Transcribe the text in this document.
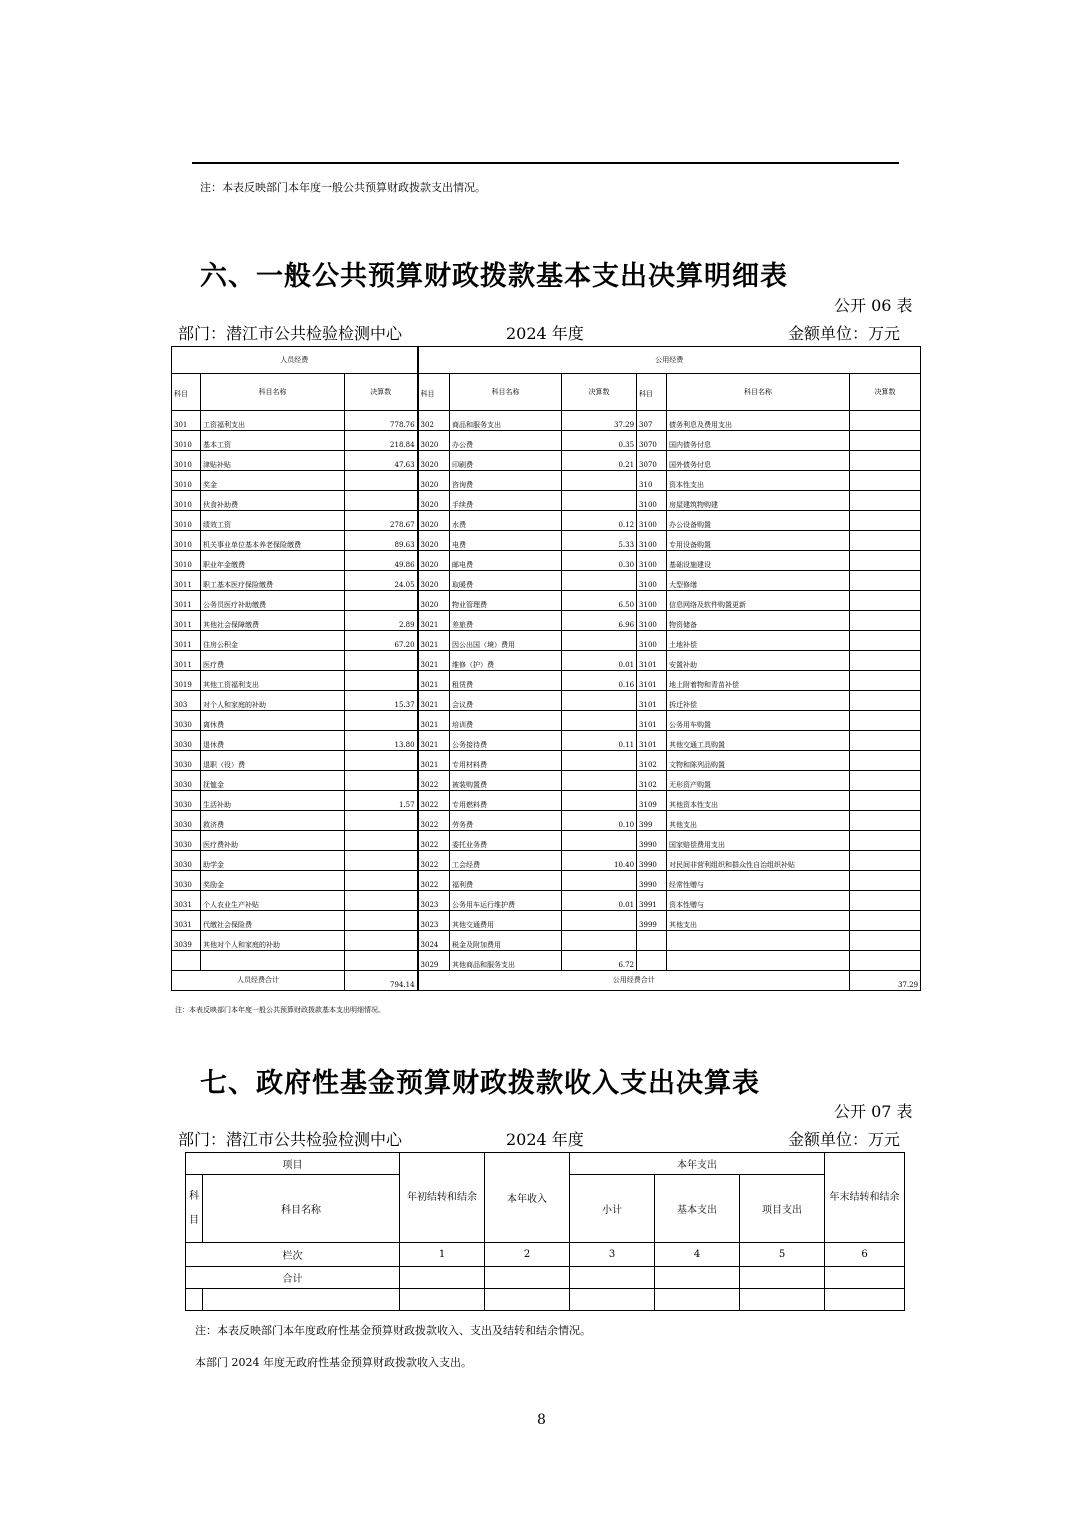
注：本表反映部门本年度一般公共预算财政拨款支出情况。
六、一般公共预算财政拨款基本支出决算明细表
公开 06 表
部门：潜江市公共检验检测中心	2024 年度	金额单位：万元
人员经费			公用经费					
科目	科目名称	决算数	科目	科目名称	决算数	科目	科目名称	决算数
301	工资福利支出	778.76	302	商品和服务支出	37.29	307	债务利息及费用支出	
3010	基本工资	218.84	3020	办公费	0.35	3070	国内债务付息	
3010	津贴补贴	47.63	3020	印刷费	0.21	3070	国外债务付息	
3010	奖金		3020	咨询费		310	资本性支出	
3010	伙食补助费		3020	手续费		3100	房屋建筑物购建	
3010	绩效工资	278.67	3020	水费	0.12	3100	办公设备购置	
3010	机关事业单位基本养老保险缴费	89.63	3020	电费	5.33	3100	专用设备购置	
3010	职业年金缴费	49.86	3020	邮电费	0.30	3100	基础设施建设	
3011	职工基本医疗保险缴费	24.05	3020	取暖费		3100	大型修缮	
3011	公务员医疗补助缴费		3020	物业管理费	6.50	3100	信息网络及软件购置更新	
3011	其他社会保障缴费	2.89	3021	差旅费	6.96	3100	物资储备	
3011	住房公积金	67.20	3021	因公出国（境）费用		3100	土地补偿	
3011	医疗费		3021	维修（护）费	0.01	3101	安置补助	
3019	其他工资福利支出		3021	租赁费	0.16	3101	地上附着物和青苗补偿	
303	对个人和家庭的补助	15.37	3021	会议费		3101	拆迁补偿	
3030	离休费		3021	培训费		3101	公务用车购置	
3030	退休费	13.80	3021	公务接待费	0.11	3101	其他交通工具购置	
3030	退职（役）费		3021	专用材料费		3102	文物和陈列品购置	
3030	抚恤金		3022	被装购置费		3102	无形资产购置	
3030	生活补助	1.57	3022	专用燃料费		3109	其他资本性支出	
3030	救济费		3022	劳务费	0.10	399	其他支出	
3030	医疗费补助		3022	委托业务费		3990	国家赔偿费用支出	
3030	助学金		3022	工会经费	10.40	3990	对民间非营利组织和群众性自治组织补贴	
3030	奖励金		3022	福利费		3990	经常性赠与	
3031	个人农业生产补贴		3023	公务用车运行维护费	0.01	3991	资本性赠与	
3031	代缴社会保险费		3023	其他交通费用		3999	其他支出	
3039	其他对个人和家庭的补助		3024	税金及附加费用				
			3029	其他商品和服务支出	6.72			
人员经费合计		794.14	公用经费合计					37.29
注：本表反映部门本年度一般公共预算财政拨款基本支出明细情况。
七、政府性基金预算财政拨款收入支出决算表
公开 07 表
部门：潜江市公共检验检测中心	2024 年度	金额单位：万元
项目		年初结转和结余	本年收入	本年支出			年末结转和结余
科目	科目名称			小计	基本支出	项目支出	
栏次		1	2	3	4	5	6
合计							

注：本表反映部门本年度政府性基金预算财政拨款收入、支出及结转和结余情况。
本部门 2024 年度无政府性基金预算财政拨款收入支出。
8
